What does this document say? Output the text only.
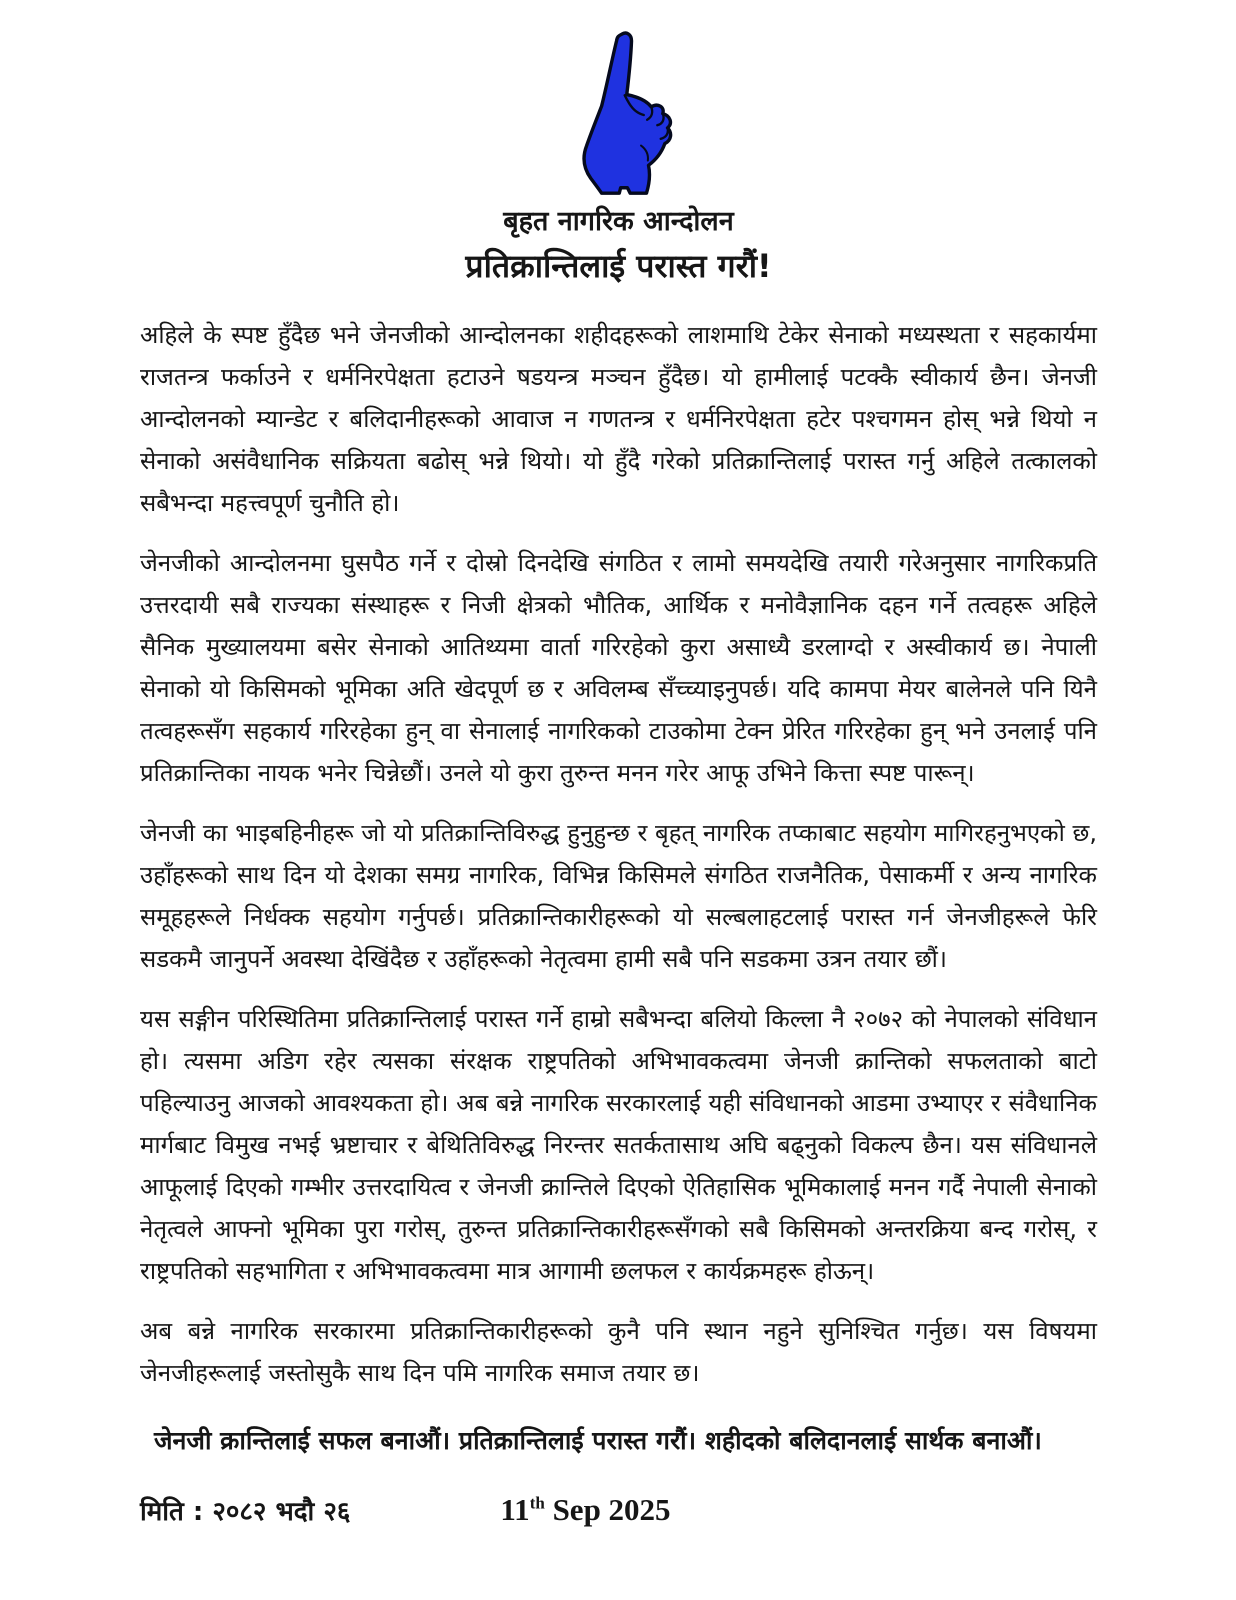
बृहत नागरिक आन्दोलन
प्रतिक्रान्तिलाई परास्त गरौं!

अहिले के स्पष्ट हुँदैछ भने जेनजीको आन्दोलनका शहीदहरूको लाशमाथि टेकेर सेनाको मध्यस्थता र सहकार्यमा राजतन्त्र फर्काउने र धर्मनिरपेक्षता हटाउने षडयन्त्र मञ्चन हुँदैछ। यो हामीलाई पटक्कै स्वीकार्य छैन। जेनजी आन्दोलनको म्यान्डेट र बलिदानीहरूको आवाज न गणतन्त्र र धर्मनिरपेक्षता हटेर पश्चगमन होस् भन्ने थियो न सेनाको असंवैधानिक सक्रियता बढोस् भन्ने थियो। यो हुँदै गरेको प्रतिक्रान्तिलाई परास्त गर्नु अहिले तत्कालको सबैभन्दा महत्त्वपूर्ण चुनौति हो।

जेनजीको आन्दोलनमा घुसपैठ गर्ने र दोस्रो दिनदेखि संगठित र लामो समयदेखि तयारी गरेअनुसार नागरिकप्रति उत्तरदायी सबै राज्यका संस्थाहरू र निजी क्षेत्रको भौतिक, आर्थिक र मनोवैज्ञानिक दहन गर्ने तत्वहरू अहिले सैनिक मुख्यालयमा बसेर सेनाको आतिथ्यमा वार्ता गरिरहेको कुरा असाध्यै डरलाग्दो र अस्वीकार्य छ। नेपाली सेनाको यो किसिमको भूमिका अति खेदपूर्ण छ र अविलम्ब सँच्च्याइनुपर्छ। यदि कामपा मेयर बालेनले पनि यिनै तत्वहरूसँग सहकार्य गरिरहेका हुन् वा सेनालाई नागरिकको टाउकोमा टेक्न प्रेरित गरिरहेका हुन् भने उनलाई पनि प्रतिक्रान्तिका नायक भनेर चिन्नेछौं। उनले यो कुरा तुरुन्त मनन गरेर आफू उभिने कित्ता स्पष्ट पारून्।

जेनजी का भाइबहिनीहरू जो यो प्रतिक्रान्तिविरुद्ध हुनुहुन्छ र बृहत् नागरिक तप्काबाट सहयोग मागिरहनुभएको छ, उहाँहरूको साथ दिन यो देशका समग्र नागरिक, विभिन्न किसिमले संगठित राजनैतिक, पेसाकर्मी र अन्य नागरिक समूहहरूले निर्धक्क सहयोग गर्नुपर्छ। प्रतिक्रान्तिकारीहरूको यो सल्बलाहटलाई परास्त गर्न जेनजीहरूले फेरि सडकमै जानुपर्ने अवस्था देखिंदैछ र उहाँहरूको नेतृत्वमा हामी सबै पनि सडकमा उत्रन तयार छौं।

यस सङ्गीन परिस्थितिमा प्रतिक्रान्तिलाई परास्त गर्ने हाम्रो सबैभन्दा बलियो किल्ला नै २०७२ को नेपालको संविधान हो। त्यसमा अडिग रहेर त्यसका संरक्षक राष्ट्रपतिको अभिभावकत्वमा जेनजी क्रान्तिको सफलताको बाटो पहिल्याउनु आजको आवश्यकता हो। अब बन्ने नागरिक सरकारलाई यही संविधानको आडमा उभ्याएर र संवैधानिक मार्गबाट विमुख नभई भ्रष्टाचार र बेथितिविरुद्ध निरन्तर सतर्कतासाथ अघि बढ्नुको विकल्प छैन। यस संविधानले आफूलाई दिएको गम्भीर उत्तरदायित्व र जेनजी क्रान्तिले दिएको ऐतिहासिक भूमिकालाई मनन गर्दै नेपाली सेनाको नेतृत्वले आफ्नो भूमिका पुरा गरोस्, तुरुन्त प्रतिक्रान्तिकारीहरूसँगको सबै किसिमको अन्तरक्रिया बन्द गरोस्, र राष्ट्रपतिको सहभागिता र अभिभावकत्वमा मात्र आगामी छलफल र कार्यक्रमहरू होऊन्।

अब बन्ने नागरिक सरकारमा प्रतिक्रान्तिकारीहरूको कुनै पनि स्थान नहुने सुनिश्चित गर्नुछ। यस विषयमा जेनजीहरूलाई जस्तोसुकै साथ दिन पमि नागरिक समाज तयार छ।

जेनजी क्रान्तिलाई सफल बनाऔं। प्रतिक्रान्तिलाई परास्त गरौं। शहीदको बलिदानलाई सार्थक बनाऔं।

मिति : २०८२ भदौ २६	11th Sep 2025
